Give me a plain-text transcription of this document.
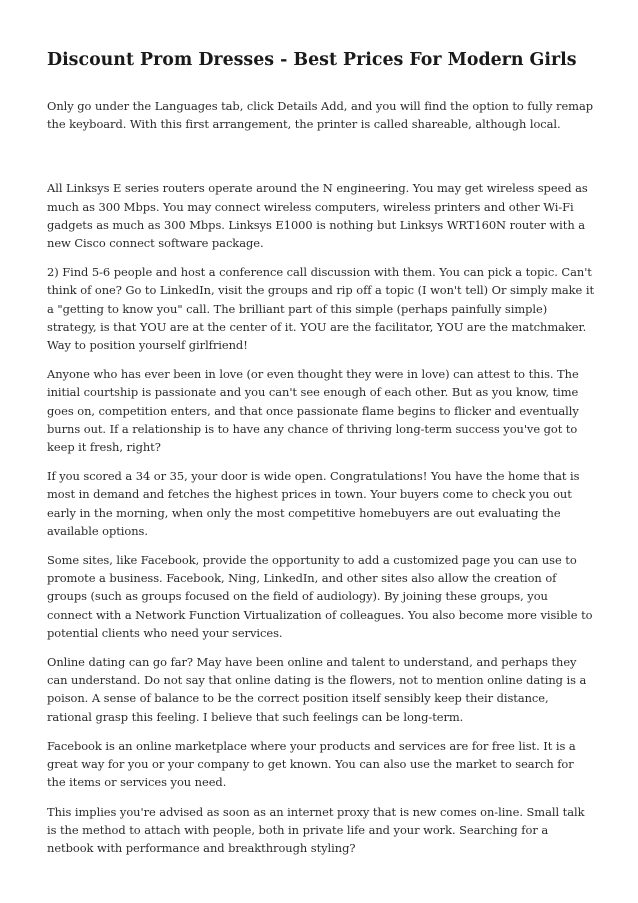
Discount Prom Dresses - Best Prices For Modern Girls

Only go under the Languages tab, click Details Add, and you will find the option to fully remap the keyboard. With this first arrangement, the printer is called shareable, although local.

All Linksys E series routers operate around the N engineering. You may get wireless speed as much as 300 Mbps. You may connect wireless computers, wireless printers and other Wi-Fi gadgets as much as 300 Mbps. Linksys E1000 is nothing but Linksys WRT160N router with a new Cisco connect software package.

2) Find 5-6 people and host a conference call discussion with them. You can pick a topic. Can't think of one? Go to LinkedIn, visit the groups and rip off a topic (I won't tell) Or simply make it a "getting to know you" call. The brilliant part of this simple (perhaps painfully simple) strategy, is that YOU are at the center of it. YOU are the facilitator, YOU are the matchmaker. Way to position yourself girlfriend!

Anyone who has ever been in love (or even thought they were in love) can attest to this. The initial courtship is passionate and you can't see enough of each other. But as you know, time goes on, competition enters, and that once passionate flame begins to flicker and eventually burns out. If a relationship is to have any chance of thriving long-term success you've got to keep it fresh, right?

If you scored a 34 or 35, your door is wide open. Congratulations! You have the home that is most in demand and fetches the highest prices in town. Your buyers come to check you out early in the morning, when only the most competitive homebuyers are out evaluating the available options.

Some sites, like Facebook, provide the opportunity to add a customized page you can use to promote a business. Facebook, Ning, LinkedIn, and other sites also allow the creation of groups (such as groups focused on the field of audiology). By joining these groups, you connect with a Network Function Virtualization of colleagues. You also become more visible to potential clients who need your services.

Online dating can go far? May have been online and talent to understand, and perhaps they can understand. Do not say that online dating is the flowers, not to mention online dating is a poison. A sense of balance to be the correct position itself sensibly keep their distance, rational grasp this feeling. I believe that such feelings can be long-term.

Facebook is an online marketplace where your products and services are for free list. It is a great way for you or your company to get known. You can also use the market to search for the items or services you need.

This implies you're advised as soon as an internet proxy that is new comes on-line. Small talk is the method to attach with people, both in private life and your work. Searching for a netbook with performance and breakthrough styling?
